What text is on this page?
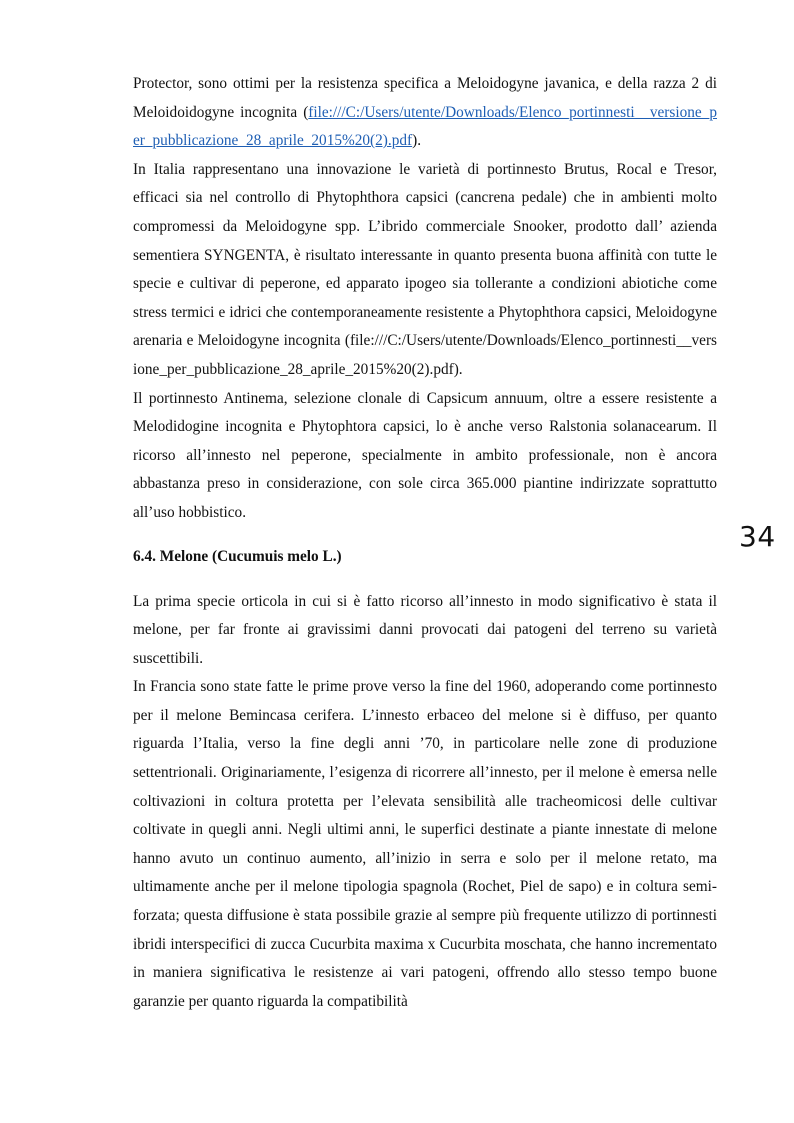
Protector, sono ottimi per la resistenza specifica a Meloidogyne javanica, e della razza 2 di Meloidoidogyne incognita (file:///C:/Users/utente/Downloads/Elenco_portinnesti__versione_per_pubblicazione_28_aprile_2015%20(2).pdf).

In Italia rappresentano una innovazione le varietà di portinnesto Brutus, Rocal e Tresor, efficaci sia nel controllo di Phytophthora capsici (cancrena pedale) che in ambienti molto compromessi da Meloidogyne spp. L’ibrido commerciale Snooker, prodotto dall’ azienda sementiera SYNGENTA, è risultato interessante in quanto presenta buona affinità con tutte le specie e cultivar di peperone, ed apparato ipogeo sia tollerante a condizioni abiotiche come stress termici e idrici che contemporaneamente resistente a Phytophthora capsici, Meloidogyne arenaria e Meloidogyne incognita (file:///C:/Users/utente/Downloads/Elenco_portinnesti__versione_per_pubblicazione_28_aprile_2015%20(2).pdf).

Il portinnesto Antinema, selezione clonale di Capsicum annuum, oltre a essere resistente a Melodidogine incognita e Phytophtora capsici, lo è anche verso Ralstonia solanacearum. Il ricorso all’innesto nel peperone, specialmente in ambito professionale, non è ancora abbastanza preso in considerazione, con sole circa 365.000 piantine indirizzate soprattutto all’uso hobbistico.

6.4. Melone (Cucumuis melo L.)

La prima specie orticola in cui si è fatto ricorso all’innesto in modo significativo è stata il melone, per far fronte ai gravissimi danni provocati dai patogeni del terreno su varietà suscettibili.

In Francia sono state fatte le prime prove verso la fine del 1960, adoperando come portinnesto per il melone Bemincasa cerifera. L’innesto erbaceo del melone si è diffuso, per quanto riguarda l’Italia, verso la fine degli anni ’70, in particolare nelle zone di produzione settentrionali. Originariamente, l’esigenza di ricorrere all’innesto, per il melone è emersa nelle coltivazioni in coltura protetta per l’elevata sensibilità alle tracheomicosi delle cultivar coltivate in quegli anni. Negli ultimi anni, le superfici destinate a piante innestate di melone hanno avuto un continuo aumento, all’inizio in serra e solo per il melone retato, ma ultimamente anche per il melone tipologia spagnola (Rochet, Piel de sapo) e in coltura semi-forzata; questa diffusione è stata possibile grazie al sempre più frequente utilizzo di portinnesti ibridi interspecifici di zucca Cucurbita maxima x Cucurbita moschata, che hanno incrementato in maniera significativa le resistenze ai vari patogeni, offrendo allo stesso tempo buone garanzie per quanto riguarda la compatibilità

34
